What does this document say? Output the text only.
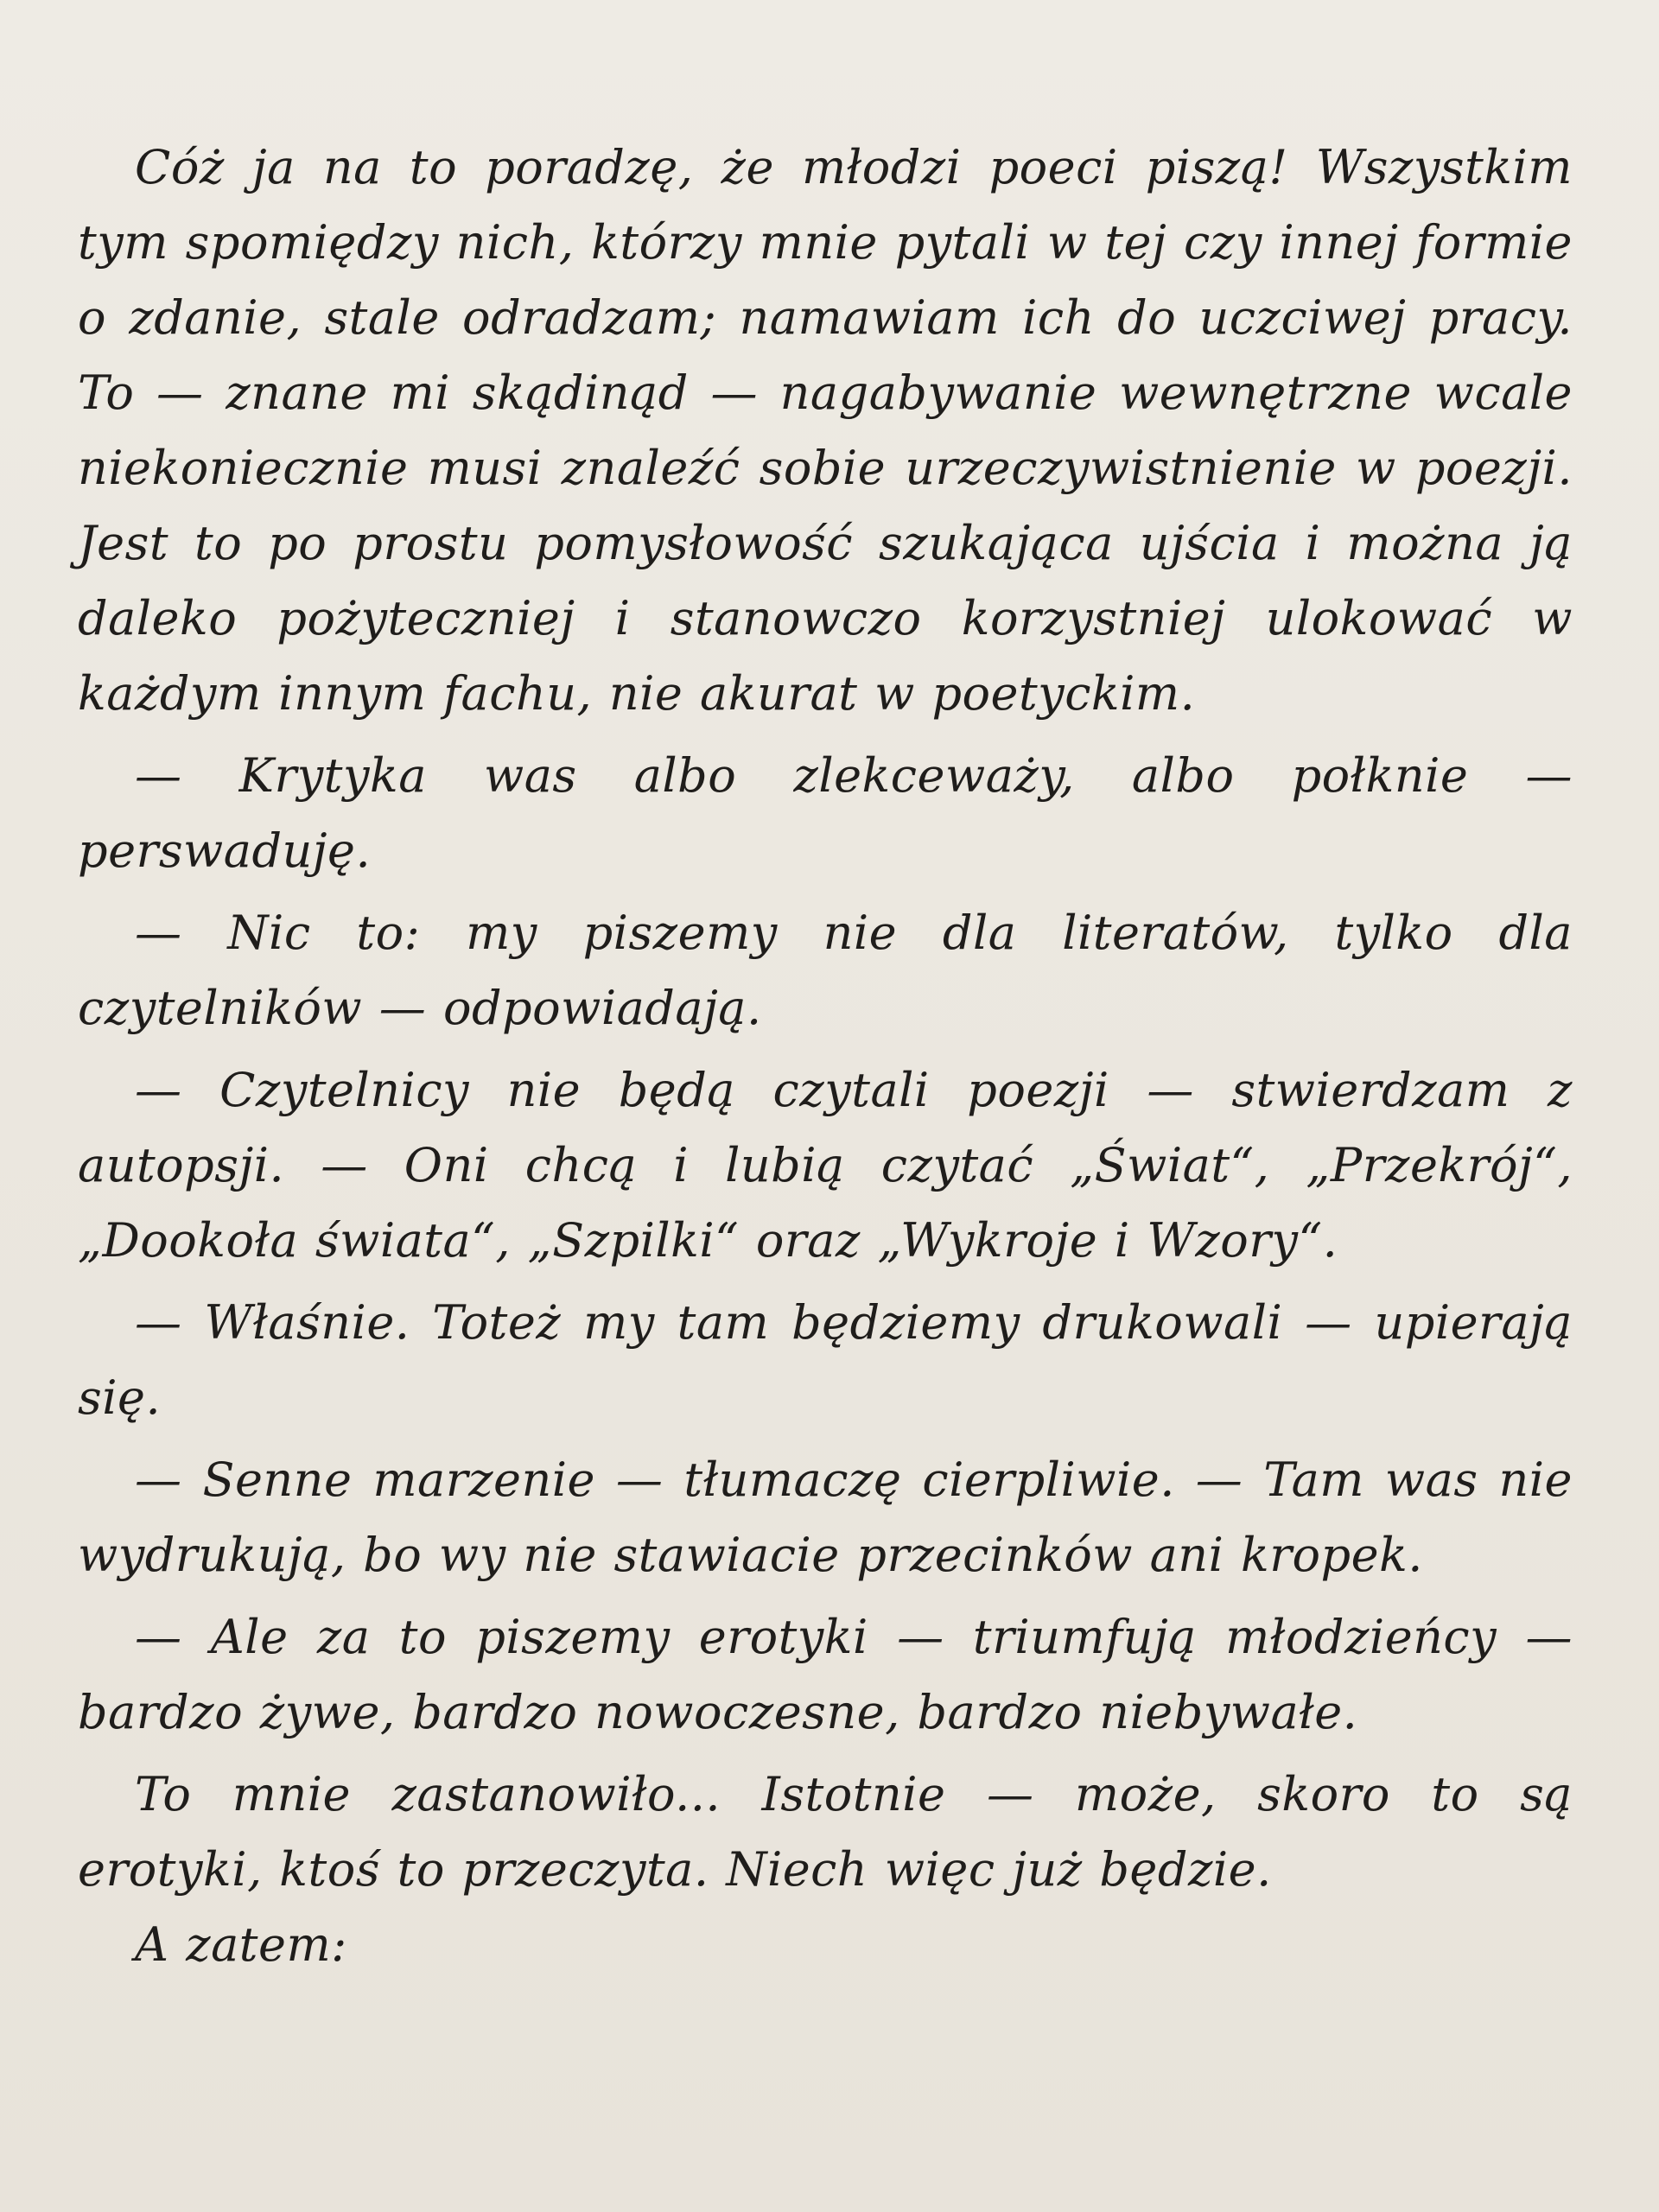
Cóż ja na to poradzę, że młodzi poeci piszą! Wszystkim tym spomiędzy nich, którzy mnie pytali w tej czy innej formie o zdanie, stale odradzam; namawiam ich do uczciwej pracy. To — znane mi skądinąd — nagabywanie wewnętrzne wcale niekoniecznie musi znaleźć sobie urzeczywistnienie w poezji. Jest to po prostu pomysłowość szukająca ujścia i można ją daleko pożyteczniej i stanowczo korzystniej ulokować w każdym innym fachu, nie akurat w poetyckim.

— Krytyka was albo zlekceważy, albo połknie — perswaduję.

— Nic to: my piszemy nie dla literatów, tylko dla czytelników — odpowiadają.

— Czytelnicy nie będą czytali poezji — stwierdzam z autopsji. — Oni chcą i lubią czytać „Świat“, „Przekrój“, „Dookoła świata“, „Szpilki“ oraz „Wykroje i Wzory“.

— Właśnie. Toteż my tam będziemy drukowali — upierają się.

— Senne marzenie — tłumaczę cierpliwie. — Tam was nie wydrukują, bo wy nie stawiacie przecinków ani kropek.

— Ale za to piszemy erotyki — triumfują młodzieńcy — bardzo żywe, bardzo nowoczesne, bardzo niebywałe.

To mnie zastanowiło... Istotnie — może, skoro to są erotyki, ktoś to przeczyta. Niech więc już będzie.

A zatem:
